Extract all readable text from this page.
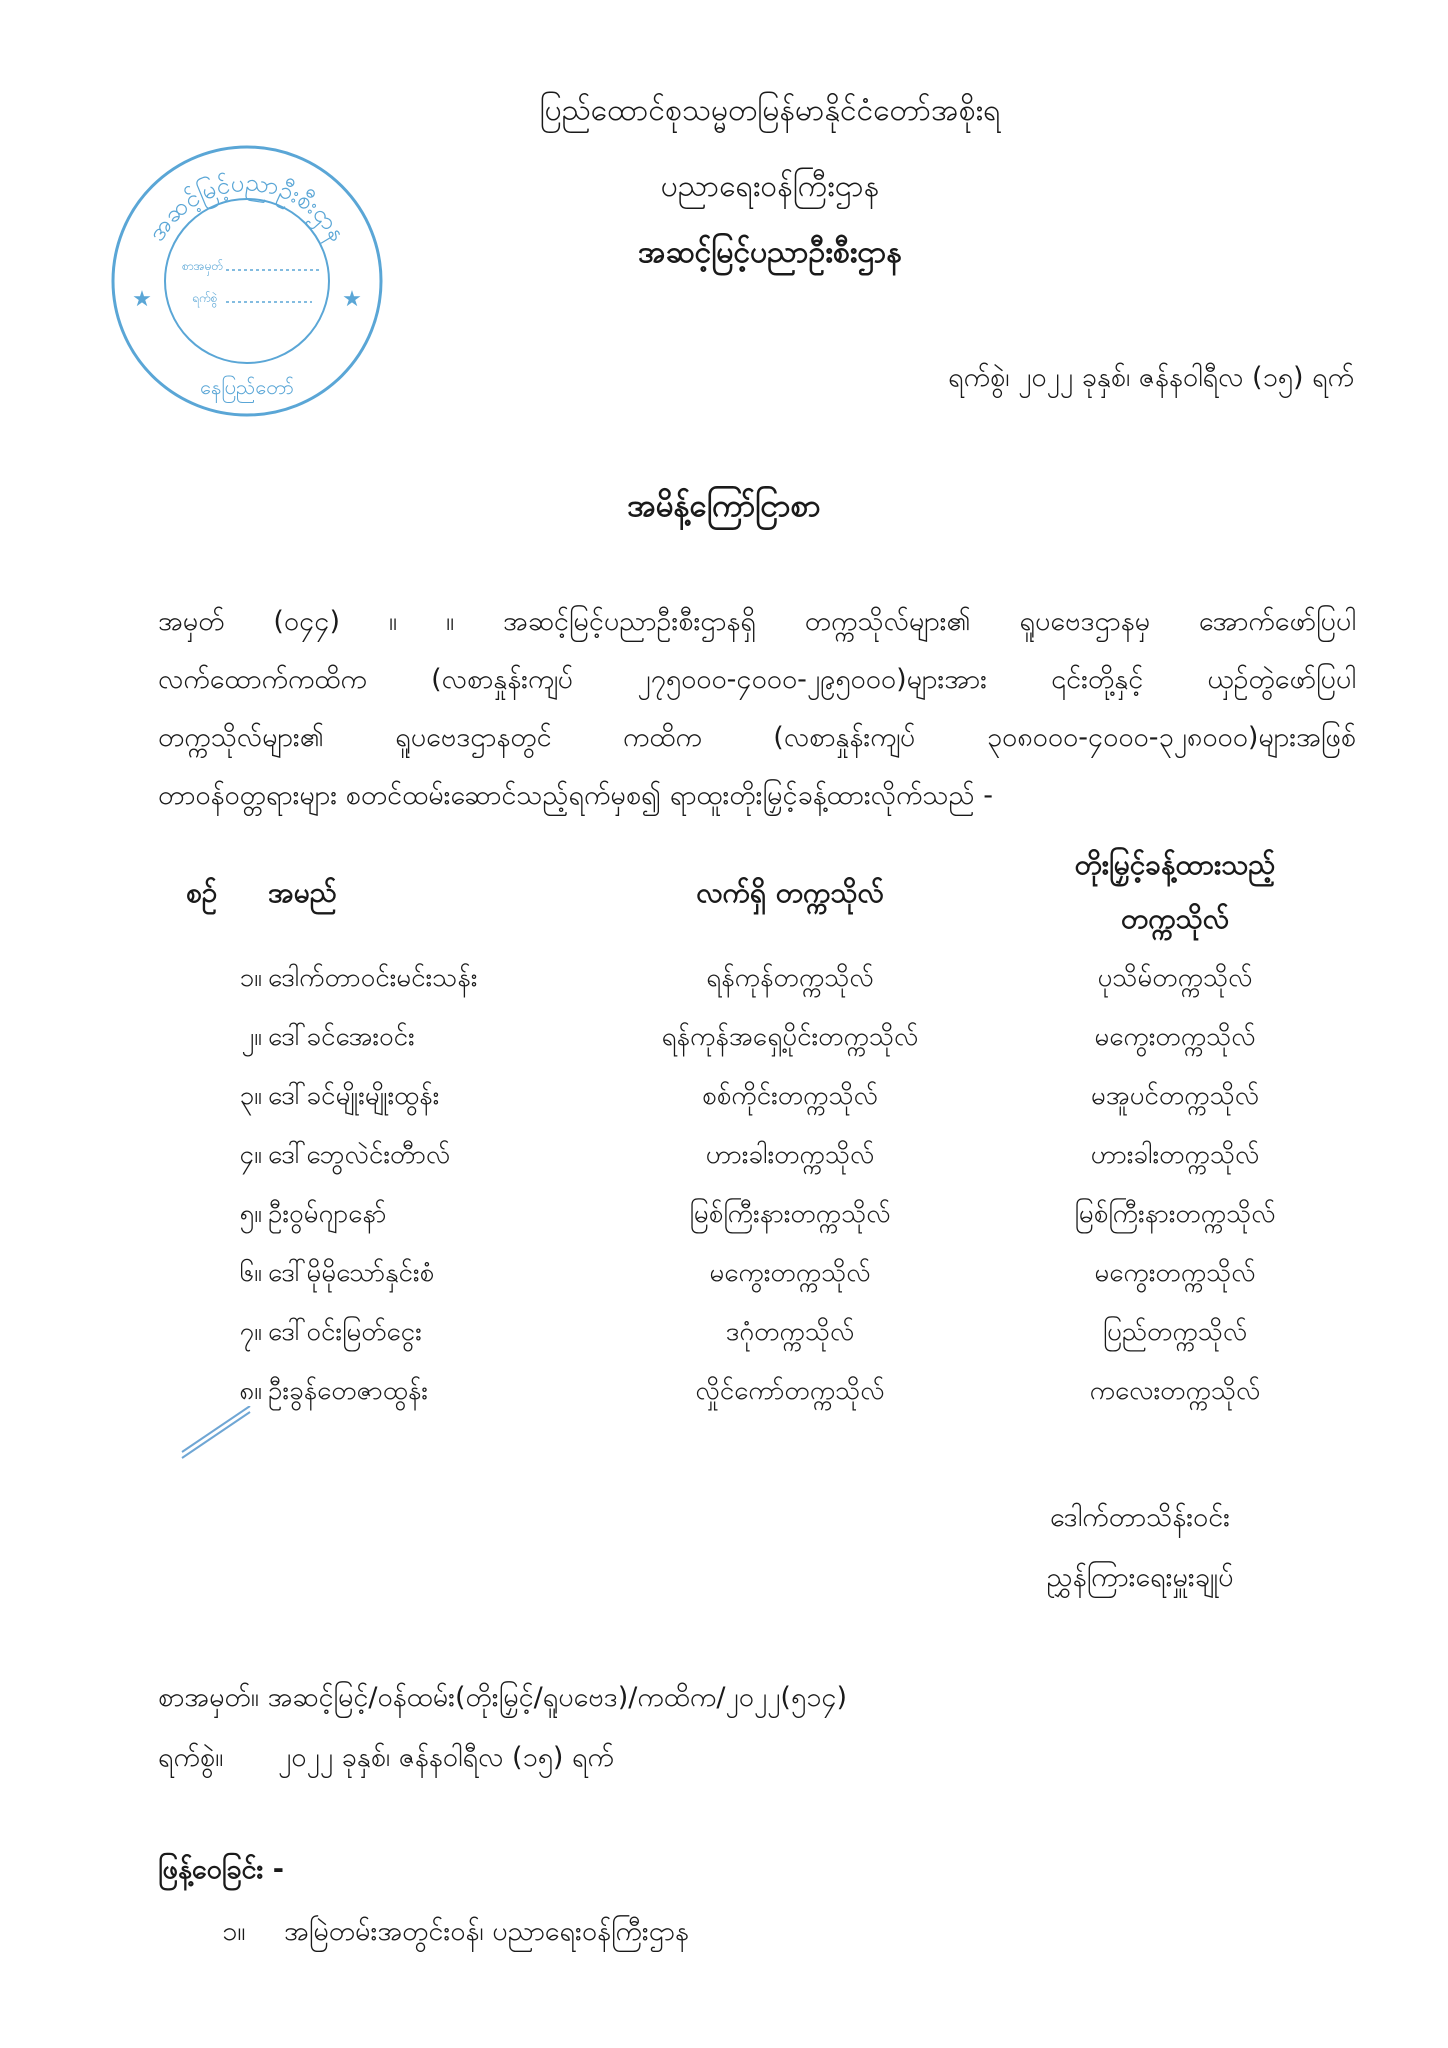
အဆင့်မြင့်ပညာဦးစီးဌာန
နေပြည်တော်
စာအမှတ်
ရက်စွဲ
★	★
ပြည်ထောင်စုသမ္မတမြန်မာနိုင်ငံတော်အစိုးရ
ပညာရေးဝန်ကြီးဌာန
အဆင့်မြင့်ပညာဦးစီးဌာန
ရက်စွဲ၊ ၂၀၂၂ ခုနှစ်၊ ဇန်နဝါရီလ (၁၅) ရက်
အမိန့်ကြော်ငြာစာ
အမှတ် (၀၄၄) ။ ။ အဆင့်မြင့်ပညာဦးစီးဌာနရှိ တက္ကသိုလ်များ၏ ရူပဗေဒဌာနမှ အောက်ဖော်ပြပါ
လက်ထောက်ကထိက (လစာနှုန်းကျပ် ၂၇၅၀၀၀-၄၀၀၀-၂၉၅၀၀၀)များအား ၎င်းတို့နှင့် ယှဉ်တွဲဖော်ပြပါ
တက္ကသိုလ်များ၏ ရူပဗေဒဌာနတွင် ကထိက (လစာနှုန်းကျပ် ၃၀၈၀၀၀-၄၀၀၀-၃၂၈၀၀၀)များအဖြစ်
တာဝန်ဝတ္တရားများ စတင်ထမ်းဆောင်သည့်ရက်မှစ၍ ရာထူးတိုးမြှင့်ခန့်ထားလိုက်သည် -
စဉ် အမည်	လက်ရှိ တက္ကသိုလ်
တိုးမြှင့်ခန့်ထားသည့်
တက္ကသိုလ်
၁။ ဒေါက်တာဝင်းမင်းသန်း	ရန်ကုန်တက္ကသိုလ်	ပုသိမ်တက္ကသိုလ်
၂။ ဒေါ်ခင်အေးဝင်း	ရန်ကုန်အရှေ့ပိုင်းတက္ကသိုလ်	မကွေးတက္ကသိုလ်
၃။ ဒေါ်ခင်မျိုးမျိုးထွန်း	စစ်ကိုင်းတက္ကသိုလ်	မအူပင်တက္ကသိုလ်
၄။ ဒေါ်ဘွေလဲင်းတီာလ်	ဟားခါးတက္ကသိုလ်	ဟားခါးတက္ကသိုလ်
၅။ ဦးဝွမ်ဂျာနော်	မြစ်ကြီးနားတက္ကသိုလ်	မြစ်ကြီးနားတက္ကသိုလ်
၆။ ဒေါ်မိုမိုသော်နှင်းစံ	မကွေးတက္ကသိုလ်	မကွေးတက္ကသိုလ်
၇။ ဒေါ်ဝင်းမြတ်ငွေး	ဒဂုံတက္ကသိုလ်	ပြည်တက္ကသိုလ်
၈။ ဦးခွန်တေဇာထွန်း	လှိုင်ကော်တက္ကသိုလ်	ကလေးတက္ကသိုလ်
ဒေါက်တာသိန်းဝင်း
ညွှန်ကြားရေးမှူးချုပ်
စာအမှတ်။ အဆင့်မြင့်/ဝန်ထမ်း(တိုးမြှင့်/ရူပဗေဒ)/ကထိက/၂၀၂၂(၅၁၄)
ရက်စွဲ။ ၂၀၂၂ ခုနှစ်၊ ဇန်နဝါရီလ (၁၅) ရက်
ဖြန့်ဝေခြင်း -
၁။ အမြဲတမ်းအတွင်းဝန်၊ ပညာရေးဝန်ကြီးဌာန
